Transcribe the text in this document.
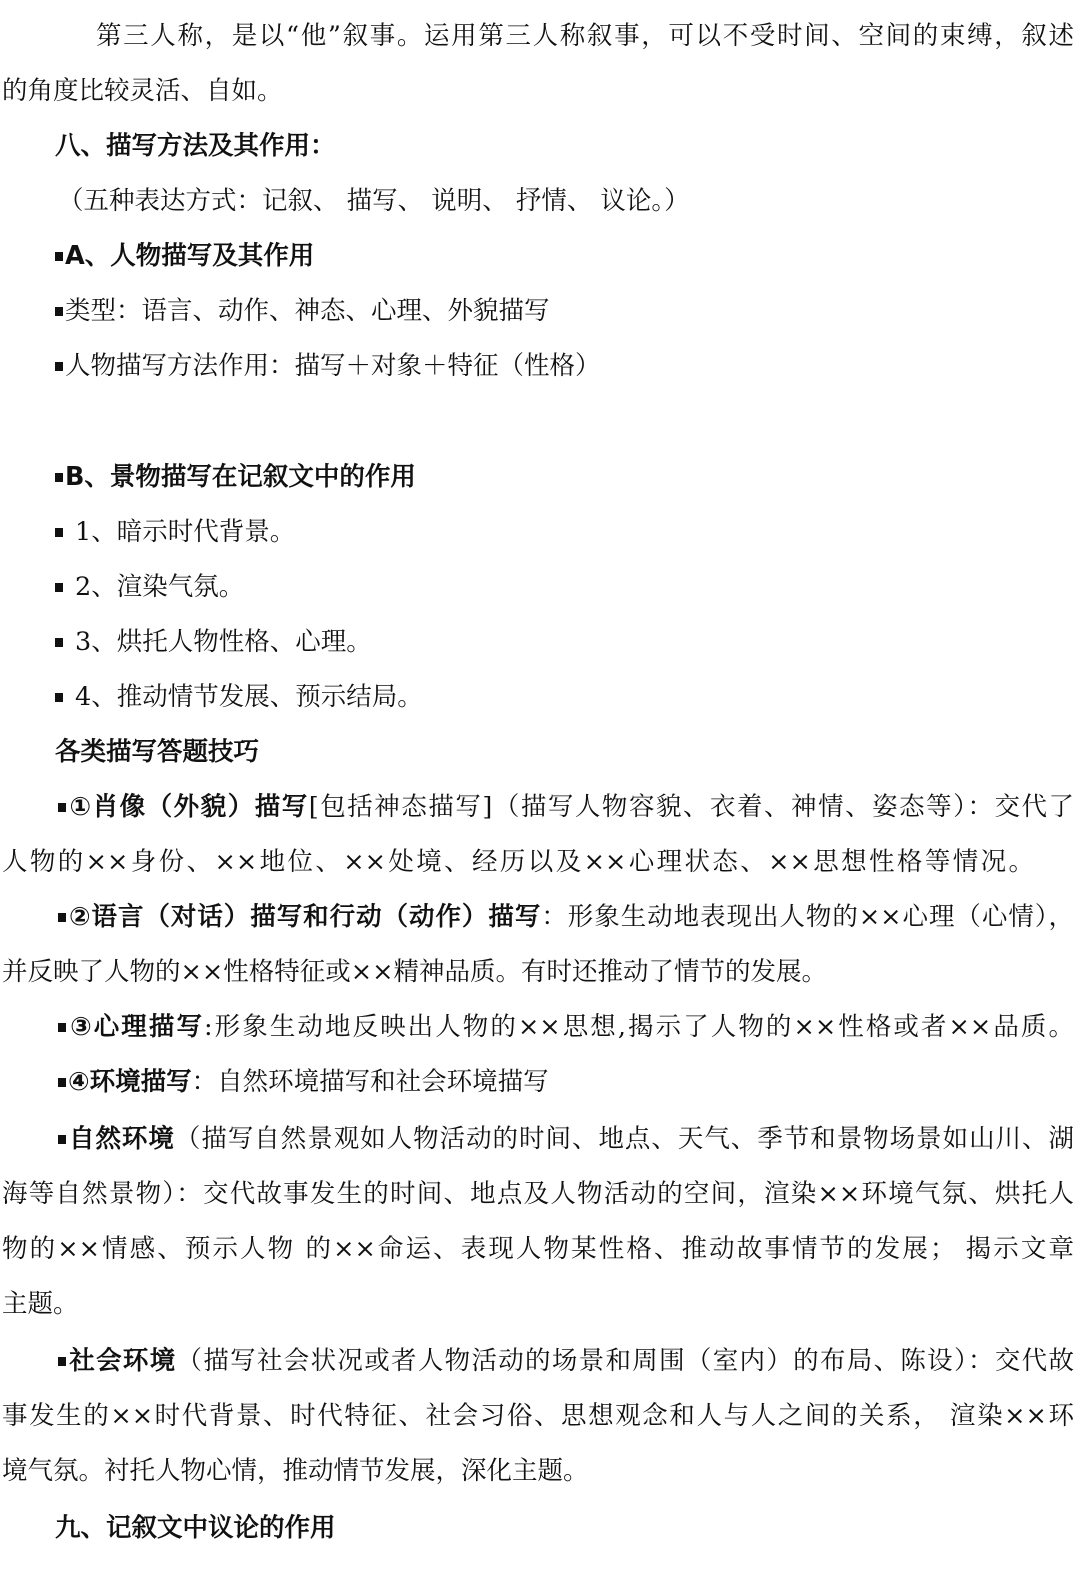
第三人称，是以“他”叙事。运用第三人称叙事，可以不受时间、空间的束缚，叙述
的角度比较灵活、自如。
八、描写方法及其作用：
（五种表达方式：记叙、 描写、 说明、 抒情、 议论。）
A、人物描写及其作用
类型：语言、动作、神态、心理、外貌描写
人物描写方法作用：描写＋对象＋特征（性格）
B、景物描写在记叙文中的作用
1、暗示时代背景。
2、渲染气氛。
3、烘托人物性格、心理。
4、推动情节发展、预示结局。
各类描写答题技巧
①肖像（外貌）描写[包括神态描写]（描写人物容貌、衣着、神情、姿态等）：交代了
人物的××身份、××地位、××处境、经历以及××心理状态、××思想性格等情况。
②语言（对话）描写和行动（动作）描写：形象生动地表现出人物的××心理（心情），
并反映了人物的××性格特征或××精神品质。有时还推动了情节的发展。
③心理描写:形象生动地反映出人物的××思想,揭示了人物的××性格或者××品质。
④环境描写：自然环境描写和社会环境描写
自然环境（描写自然景观如人物活动的时间、地点、天气、季节和景物场景如山川、湖
海等自然景物）：交代故事发生的时间、地点及人物活动的空间，渲染××环境气氛、烘托人
物的××情感、预示人物 的××命运、表现人物某性格、推动故事情节的发展； 揭示文章
主题。
社会环境（描写社会状况或者人物活动的场景和周围（室内）的布局、陈设）：交代故
事发生的××时代背景、时代特征、社会习俗、思想观念和人与人之间的关系， 渲染××环
境气氛。衬托人物心情，推动情节发展，深化主题。
九、记叙文中议论的作用
